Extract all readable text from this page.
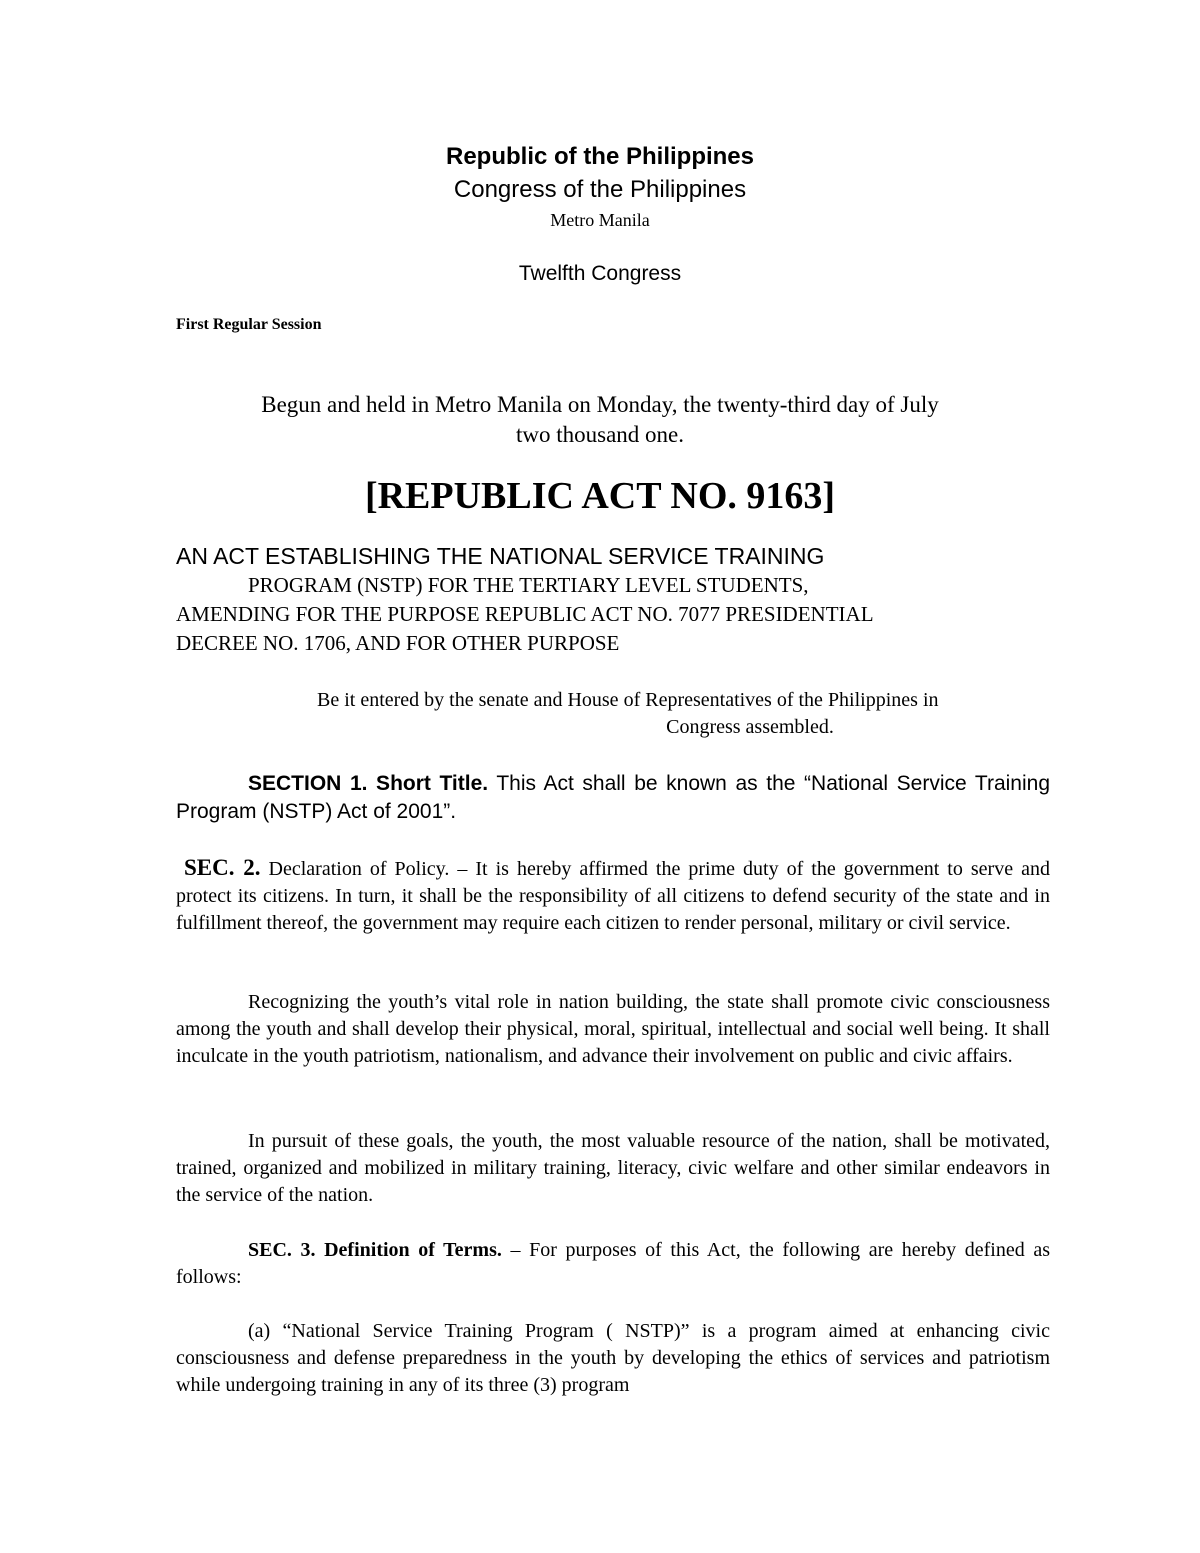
Republic of the Philippines

Congress of the Philippines

Metro Manila

Twelfth Congress

First Regular Session

Begun and held in Metro Manila on Monday, the twenty-third day of July

two thousand one.

[REPUBLIC ACT NO. 9163]

AN ACT ESTABLISHING THE NATIONAL SERVICE TRAINING

PROGRAM (NSTP) FOR THE TERTIARY LEVEL STUDENTS,

AMENDING FOR THE PURPOSE REPUBLIC ACT NO. 7077 PRESIDENTIAL

DECREE NO. 1706, AND FOR OTHER PURPOSE

Be it entered by the senate and House of Representatives of the Philippines in

Congress assembled.

SECTION 1. Short Title. This Act shall be known as the “National Service Training Program (NSTP) Act of 2001”.

SEC. 2. Declaration of Policy. – It is hereby affirmed the prime duty of the government to serve and protect its citizens. In turn, it shall be the responsibility of all citizens to defend security of the state and in fulfillment thereof, the government may require each citizen to render personal, military or civil service.

Recognizing the youth’s vital role in nation building, the state shall promote civic consciousness among the youth and shall develop their physical, moral, spiritual, intellectual and social well being. It shall inculcate in the youth patriotism, nationalism, and advance their involvement on public and civic affairs.

In pursuit of these goals, the youth, the most valuable resource of the nation, shall be motivated, trained, organized and mobilized in military training, literacy, civic welfare and other similar endeavors in the service of the nation.

SEC. 3. Definition of Terms. – For purposes of this Act, the following are hereby defined as follows:

(a) “National Service Training Program ( NSTP)” is a program aimed at enhancing civic consciousness and defense preparedness in the youth by developing the ethics of services and patriotism while undergoing training in any of its three (3) program
